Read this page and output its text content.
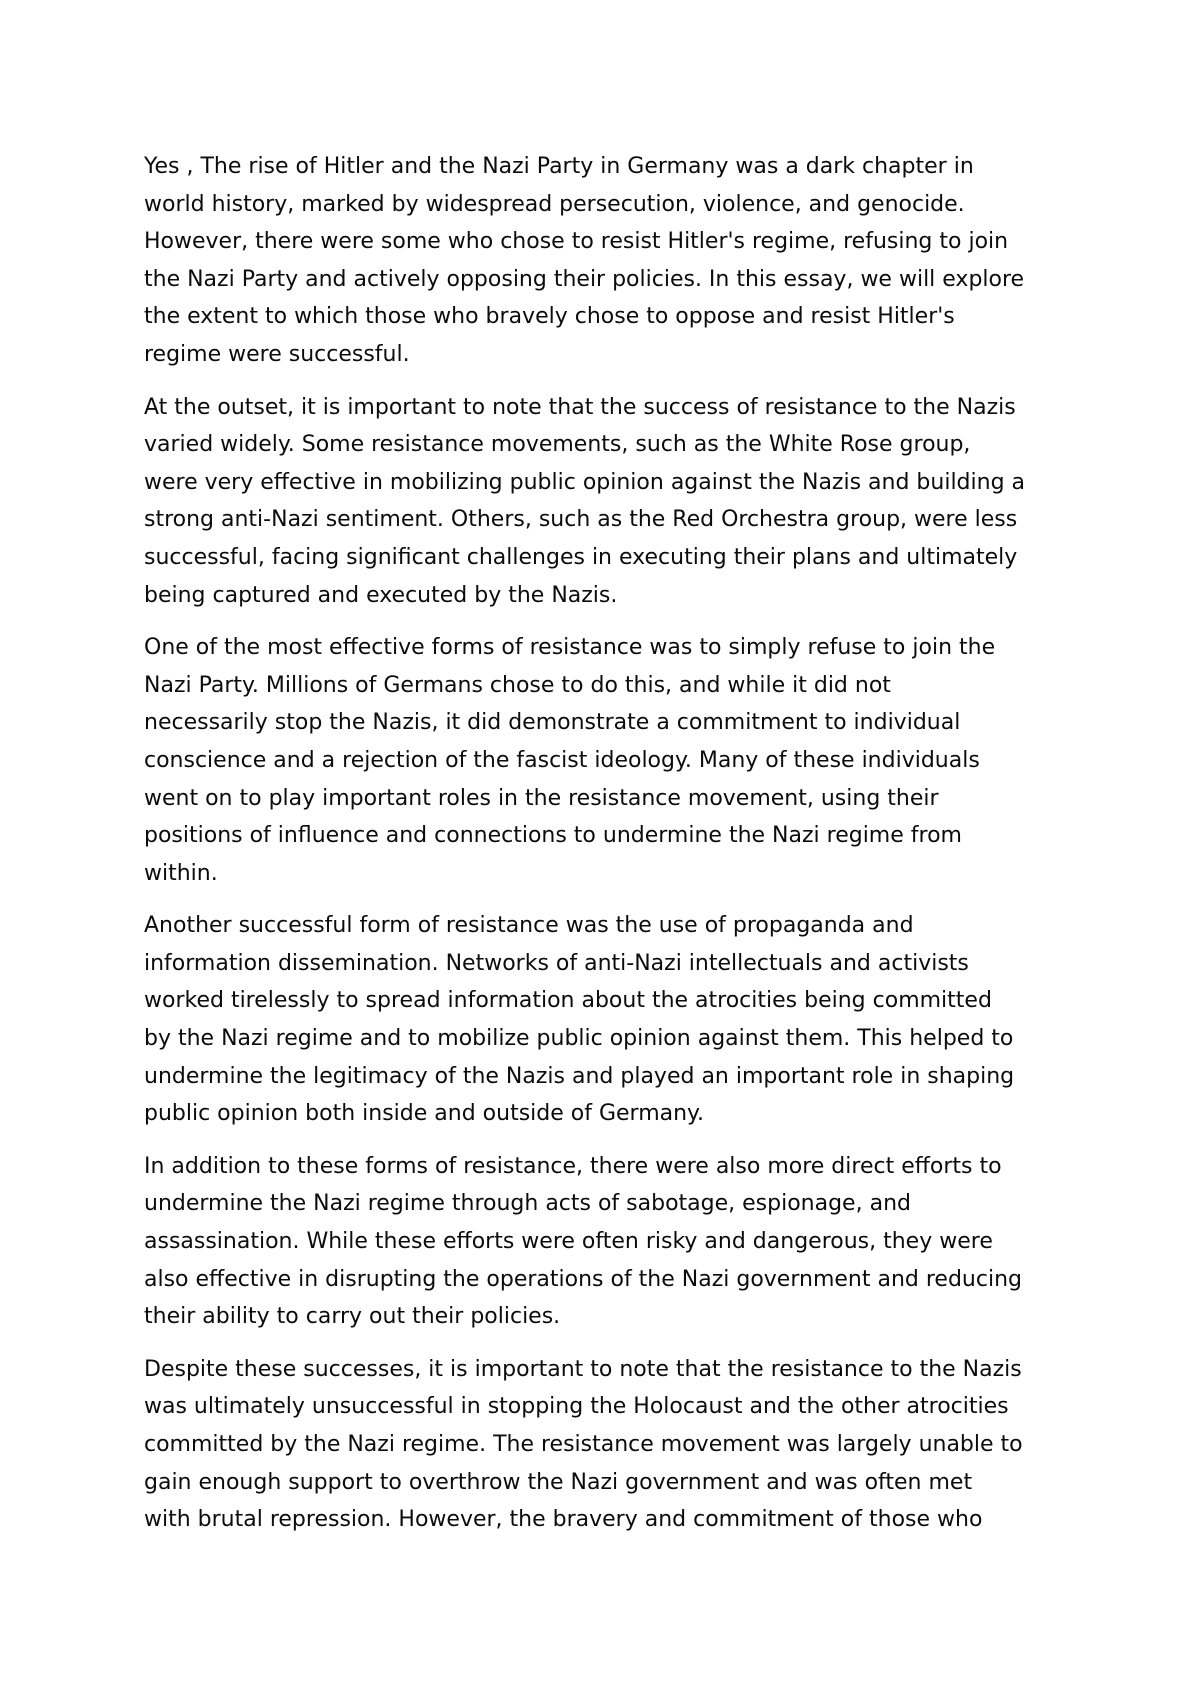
Yes , The rise of Hitler and the Nazi Party in Germany was a dark chapter in
world history, marked by widespread persecution, violence, and genocide.
However, there were some who chose to resist Hitler's regime, refusing to join
the Nazi Party and actively opposing their policies. In this essay, we will explore
the extent to which those who bravely chose to oppose and resist Hitler's
regime were successful.
At the outset, it is important to note that the success of resistance to the Nazis
varied widely. Some resistance movements, such as the White Rose group,
were very effective in mobilizing public opinion against the Nazis and building a
strong anti-Nazi sentiment. Others, such as the Red Orchestra group, were less
successful, facing significant challenges in executing their plans and ultimately
being captured and executed by the Nazis.
One of the most effective forms of resistance was to simply refuse to join the
Nazi Party. Millions of Germans chose to do this, and while it did not
necessarily stop the Nazis, it did demonstrate a commitment to individual
conscience and a rejection of the fascist ideology. Many of these individuals
went on to play important roles in the resistance movement, using their
positions of influence and connections to undermine the Nazi regime from
within.
Another successful form of resistance was the use of propaganda and
information dissemination. Networks of anti-Nazi intellectuals and activists
worked tirelessly to spread information about the atrocities being committed
by the Nazi regime and to mobilize public opinion against them. This helped to
undermine the legitimacy of the Nazis and played an important role in shaping
public opinion both inside and outside of Germany.
In addition to these forms of resistance, there were also more direct efforts to
undermine the Nazi regime through acts of sabotage, espionage, and
assassination. While these efforts were often risky and dangerous, they were
also effective in disrupting the operations of the Nazi government and reducing
their ability to carry out their policies.
Despite these successes, it is important to note that the resistance to the Nazis
was ultimately unsuccessful in stopping the Holocaust and the other atrocities
committed by the Nazi regime. The resistance movement was largely unable to
gain enough support to overthrow the Nazi government and was often met
with brutal repression. However, the bravery and commitment of those who
